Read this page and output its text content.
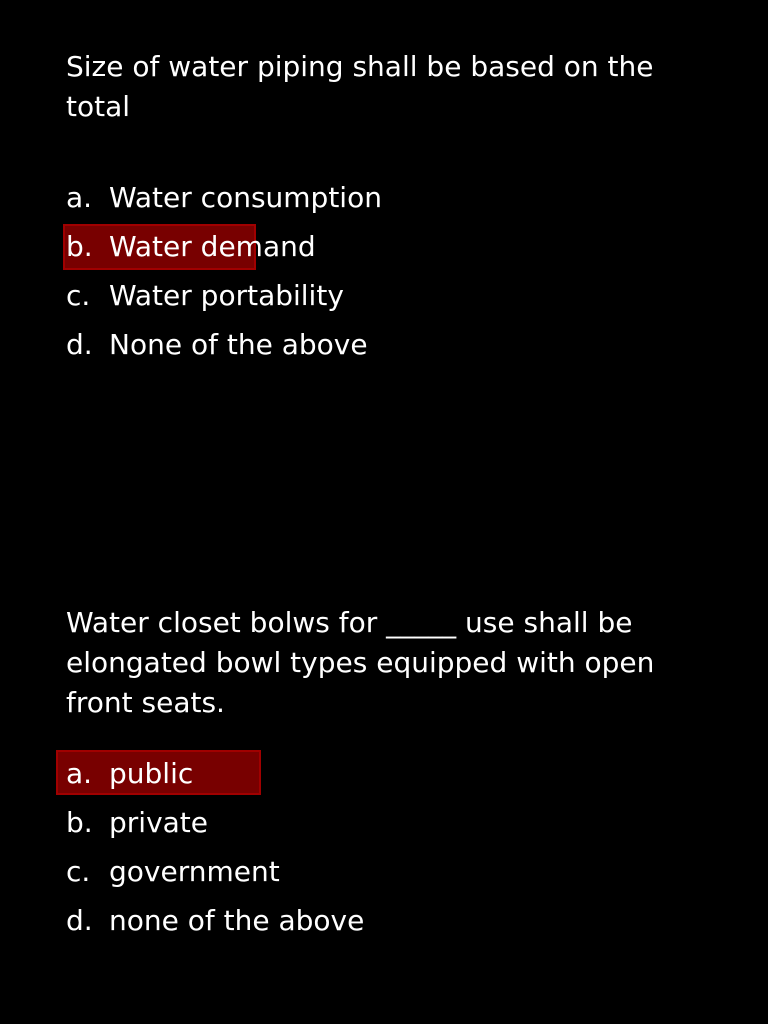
Size of water piping shall be based on the total

a. Water consumption
b. Water demand
c. Water portability
d. None of the above

Water closet bolws for _____ use shall be elongated bowl types equipped with open front seats.

a. public
b. private
c. government
d. none of the above
